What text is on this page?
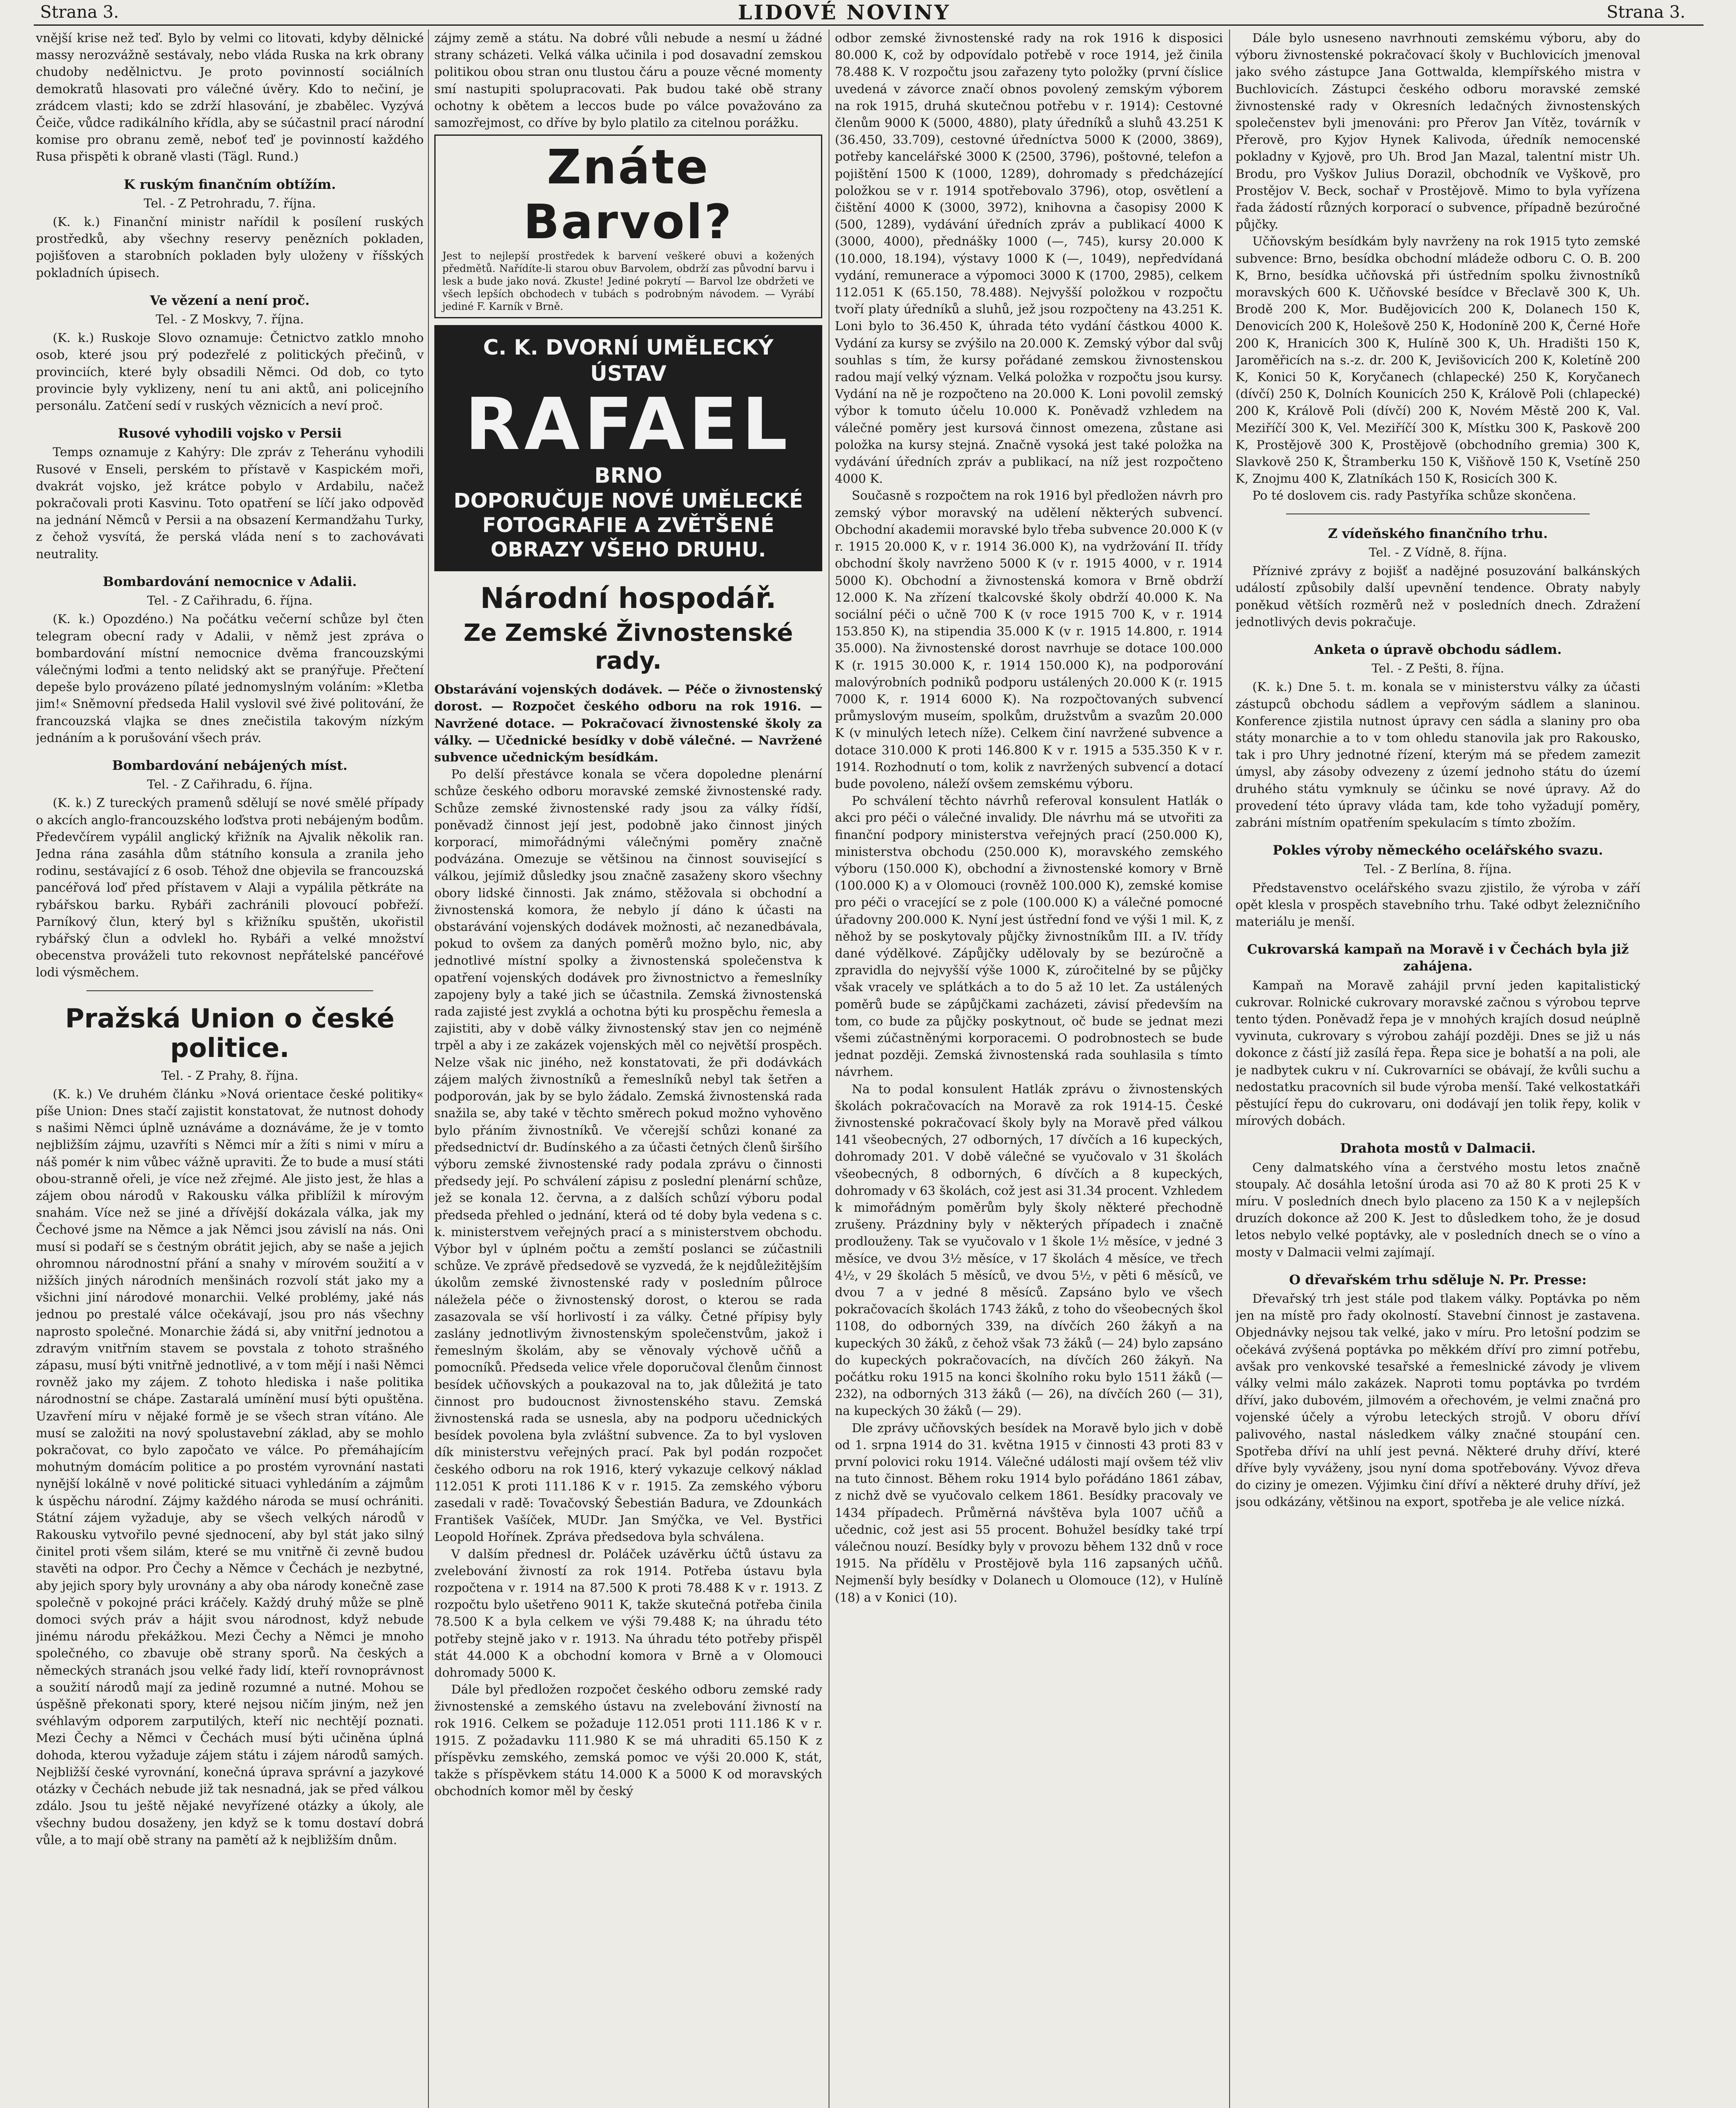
Strana 3.	LIDOVÉ NOVINY	Strana 3.

vnější krise než teď. Bylo by velmi co litovati, kdyby dělnické massy nerozvážně sestávaly, nebo vláda Ruska na krk obrany chudoby nedělnictvu. Je proto povinností sociálních demokratů hlasovati pro válečné úvěry. Kdo to nečiní, je zrádcem vlasti; kdo se zdrží hlasování, je zbabělec. Vyzývá Čeiče, vůdce radikálního křídla, aby se súčastnil prací národní komise pro obranu země, neboť teď je povinností každého Rusa přispěti k obraně vlasti (Tägl. Rund.)

K ruským finančním obtížím.
Tel. - Z Petrohradu, 7. října.

(K. k.) Finanční ministr nařídil k posílení ruských prostředků, aby všechny reservy penězních pokladen, pojišťoven a starobních pokladen byly uloženy v říšských pokladních úpisech.

Ve vězení a není proč.
Tel. - Z Moskvy, 7. října.

(K. k.) Ruskoje Slovo oznamuje: Četnictvo zatklo mnoho osob, které jsou prý podezřelé z politických přečinů, v provinciích, které byly obsadili Němci. Od dob, co tyto provincie byly vyklizeny, není tu ani aktů, ani policejního personálu. Zatčení sedí v ruských věznicích a neví proč.

Rusové vyhodili vojsko v Persii

Temps oznamuje z Kahýry: Dle zpráv z Teheránu vyhodili Rusové v Enseli, perském to přístavě v Kaspickém moři, dvakrát vojsko, jež krátce pobylo v Ardabilu, načež pokračovali proti Kasvinu. Toto opatření se líčí jako odpověď na jednání Němců v Persii a na obsazení Kermandžahu Turky, z čehož vysvítá, že perská vláda není s to zachovávati neutrality.

Bombardování nemocnice v Adalii.
Tel. - Z Cařihradu, 6. října.

(K. k.) Opozdéno.) Na počátku večerní schůze byl čten telegram obecní rady v Adalii, v němž jest zpráva o bombardování místní nemocnice dvěma francouzskými válečnými loďmi a tento nelidský akt se pranýřuje. Přečtení depeše bylo provázeno pílaté jednomyslným voláním: »Kletba jim!« Sněmovní předseda Halil vyslovil své živé politování, že francouzská vlajka se dnes znečistila takovým nízkým jednáním a k porušování všech práv.

Bombardování nebájených míst.
Tel. - Z Cařihradu, 6. října.

(K. k.) Z tureckých pramenů sdělují se nové smělé případy o akcích anglo-francouzského loďstva proti nebájeným bodům. Předevčírem vypálil anglický křižník na Ajvalik několik ran. Jedna rána zasáhla dům státního konsula a zranila jeho rodinu, sestávající z 6 osob. Téhož dne objevila se francouzská pancéřová loď před přístavem v Alaji a vypálila pětkráte na rybářskou barku. Rybáři zachránili plovoucí pobřeží. Parníkový člun, který byl s křižníku spuštěn, ukořistil rybářský člun a odvlekl ho. Rybáři a velké množství obecenstva prováželi tuto rekovnost nepřátelské pancéřové lodi výsměchem.

Pražská Union o české politice.
Tel. - Z Prahy, 8. října.

(K. k.) Ve druhém článku »Nová orientace české politiky« píše Union: Dnes stačí zajistit konstatovat, že nutnost dohody s našimi Němci úplně uznáváme a doznáváme, že je v tomto nejbližším zájmu, uzavříti s Němci mír a žíti s nimi v míru a náš pomér k nim vůbec vážně upraviti. Že to bude a musí státi obou-stranně ořeli, je více než zřejmé. Ale jisto jest, že hlas a zájem obou národů v Rakousku válka přiblížil k mírovým snahám. Více než se jiné a dřívější dokázala válka, jak my Čechové jsme na Němce a jak Němci jsou závislí na nás. Oni musí si podaří se s čestným obrátit jejich, aby se naše a jejich ohromnou národnostní přání a snahy v mírovém soužití a v nižších jiných národních menšinách rozvolí stát jako my a všichni jiní národové monarchii. Velké problémy, jaké nás jednou po prestalé válce očekávají, jsou pro nás všechny naprosto společné. Monarchie žádá si, aby vnitřní jednotou a zdravým vnitřním stavem se povstala z tohoto strašného zápasu, musí býti vnitřně jednotlivé, a v tom mějí i naši Němci rovněž jako my zájem. Z tohoto hlediska i naše politika národnostní se chápe. Zastaralá umínění musí býti opuštěna. Uzavření míru v nějaké formě je se všech stran vítáno. Ale musí se založiti na nový spolustavební základ, aby se mohlo pokračovat, co bylo započato ve válce. Po přemáhajícím mohutným domácím politice a po prostém vyrovnání nastati nynější lokálně v nové politické situaci vyhledáním a zájmům k úspěchu národní. Zájmy každého národa se musí ochrániti. Státní zájem vyžaduje, aby se všech velkých národů v Rakousku vytvořilo pevné sjednocení, aby byl stát jako silný činitel proti všem silám, které se mu vnitřně či zevně budou stavěti na odpor. Pro Čechy a Němce v Čechách je nezbytné, aby jejich spory byly urovnány a aby oba národy konečně zase společně v pokojné práci kráčely. Každý druhý může se plně domoci svých práv a hájit svou národnost, když nebude jinému národu překážkou. Mezi Čechy a Němci je mnoho společného, co zbavuje obě strany sporů. Na českých a německých stranách jsou velké řady lidí, kteří rovnoprávnost a soužití národů mají za jedině rozumné a nutné. Mohou se úspěšně překonati spory, které nejsou ničím jiným, než jen svéhlavým odporem zarputilých, kteří nic nechtějí poznati. Mezi Čechy a Němci v Čechách musí býti učiněna úplná dohoda, kterou vyžaduje zájem státu i zájem národů samých. Nejbližší české vyrovnání, konečná úprava správní a jazykové otázky v Čechách nebude již tak nesnadná, jak se před válkou zdálo. Jsou tu ještě nějaké nevyřízené otázky a úkoly, ale všechny budou dosaženy, jen když se k tomu dostaví dobrá vůle, a to mají obě strany na pamětí až k nejbližším dnům.

zájmy země a státu. Na dobré vůli nebude a nesmí u žádné strany scházeti. Velká válka učinila i pod dosavadní zemskou politikou obou stran onu tlustou čáru a pouze věcné momenty smí nastupiti spolupracovati. Pak budou také obě strany ochotny k obětem a leccos bude po válce považováno za samozřejmost, co dříve by bylo platilo za citelnou porážku.

Znáte Barvol?
Jest to nejlepší prostředek k barvení veškeré obuvi a kožených předmětů. Nařídíte-li starou obuv Barvolem, obdrží zas původní barvu i lesk a bude jako nová. Zkuste! Jediné pokrytí — Barvol lze obdržeti ve všech lepších obchodech v tubách s podrobným návodem. — Vyrábí jediné F. Karník v Brně.
C. K. DVORNÍ UMĚLECKÝ ÚSTAV
RAFAEL
BRNO
DOPORUČUJE NOVÉ UMĚLECKÉ FOTOGRAFIE A ZVĚTŠENÉ OBRAZY VŠEHO DRUHU.
Národní hospodář.
Ze Zemské Živnostenské rady.

Obstarávání vojenských dodávek. — Péče o živnostenský dorost. — Rozpočet českého odboru na rok 1916. — Navržené dotace. — Pokračovací živnostenské školy za války. — Učednické besídky v době válečné. — Navržené subvence učednickým besídkám.

Po delší přestávce konala se včera dopoledne plenární schůze českého odboru moravské zemské živnostenské rady. Schůze zemské živnostenské rady jsou za války řídší, poněvadž činnost její jest, podobně jako činnost jiných korporací, mimořádnými válečnými poměry značně podvázána. Omezuje se většinou na činnost související s válkou, jejímiž důsledky jsou značně zasaženy skoro všechny obory lidské činnosti. Jak známo, stěžovala si obchodní a živnostenská komora, že nebylo jí dáno k účasti na obstarávání vojenských dodávek možnosti, ač nezanedbávala, pokud to ovšem za daných poměrů možno bylo, nic, aby jednotlivé místní spolky a živnostenská společenstva k opatření vojenských dodávek pro živnostnictvo a řemeslníky zapojeny byly a také jich se účastnila. Zemská živnostenská rada zajisté jest zvyklá a ochotna býti ku prospěchu řemesla a zajistiti, aby v době války živnostenský stav jen co nejméně trpěl a aby i ze zakázek vojenských měl co největší prospěch. Nelze však nic jiného, než konstatovati, že při dodávkách zájem malých živnostníků a řemeslníků nebyl tak šetřen a podporován, jak by se bylo žádalo. Zemská živnostenská rada snažila se, aby také v těchto směrech pokud možno vyhověno bylo přáním živnostníků. Ve včerejší schůzi konané za předsednictví dr. Budínského a za účasti četných členů širšího výboru zemské živnostenské rady podala zprávu o činnosti předsedy její. Po schválení zápisu z poslední plenární schůze, jež se konala 12. června, a z dalších schůzí výboru podal předseda přehled o jednání, která od té doby byla vedena s c. k. ministerstvem veřejných prací a s ministerstvem obchodu. Výbor byl v úplném počtu a zemští poslanci se zúčastnili schůze. Ve zprávě předsedově se vyzvedá, že k nejdůležitějším úkolům zemské živnostenské rady v posledním půlroce náležela péče o živnostenský dorost, o kterou se rada zasazovala se vší horlivostí i za války. Četné přípisy byly zaslány jednotlivým živnostenským společenstvům, jakož i řemeslným školám, aby se věnovaly výchově učňů a pomocníků. Předseda velice vřele doporučoval členům činnost besídek učňovských a poukazoval na to, jak důležitá je tato činnost pro budoucnost živnostenského stavu. Zemská živnostenská rada se usnesla, aby na podporu učednických besídek povolena byla zvláštní subvence. Za to byl vysloven dík ministerstvu veřejných prací. Pak byl podán rozpočet českého odboru na rok 1916, který vykazuje celkový náklad 112.051 K proti 111.186 K v r. 1915. Za zemského výboru zasedali v radě: Tovačovský Šebestián Badura, ve Zdounkách František Vašíček, MUDr. Jan Smýčka, ve Vel. Bystřici Leopold Hořínek. Zpráva předsedova byla schválena.

V dalším přednesl dr. Poláček uzávěrku účtů ústavu za zvelebování živností za rok 1914. Potřeba ústavu byla rozpočtena v r. 1914 na 87.500 K proti 78.488 K v r. 1913. Z rozpočtu bylo ušetřeno 9011 K, takže skutečná potřeba činila 78.500 K a byla celkem ve výši 79.488 K; na úhradu této potřeby stejně jako v r. 1913. Na úhradu této potřeby přispěl stát 44.000 K a obchodní komora v Brně a v Olomouci dohromady 5000 K.

Dále byl předložen rozpočet českého odboru zemské rady živnostenské a zemského ústavu na zvelebování živností na rok 1916. Celkem se požaduje 112.051 proti 111.186 K v r. 1915. Z požadavku 111.980 K se má uhraditi 65.150 K z příspěvku zemského, zemská pomoc ve výši 20.000 K, stát, takže s příspěvkem státu 14.000 K a 5000 K od moravských obchodních komor měl by český

odbor zemské živnostenské rady na rok 1916 k disposici 80.000 K, což by odpovídalo potřebě v roce 1914, jež činila 78.488 K. V rozpočtu jsou zařazeny tyto položky (první číslice uvedená v závorce značí obnos povolený zemským výborem na rok 1915, druhá skutečnou potřebu v r. 1914): Cestovné členům 9000 K (5000, 4880), platy úředníků a sluhů 43.251 K (36.450, 33.709), cestovné úředníctva 5000 K (2000, 3869), potřeby kancelářské 3000 K (2500, 3796), poštovné, telefon a pojištění 1500 K (1000, 1289), dohromady s předcházející položkou se v r. 1914 spotřebovalo 3796), otop, osvětlení a čištění 4000 K (3000, 3972), knihovna a časopisy 2000 K (500, 1289), vydávání úředních zpráv a publikací 4000 K (3000, 4000), přednášky 1000 (—, 745), kursy 20.000 K (10.000, 18.194), výstavy 1000 K (—, 1049), nepředvídaná vydání, remunerace a výpomoci 3000 K (1700, 2985), celkem 112.051 K (65.150, 78.488). Nejvyšší položkou v rozpočtu tvoří platy úředníků a sluhů, jež jsou rozpočteny na 43.251 K. Loni bylo to 36.450 K, úhrada této vydání částkou 4000 K. Vydání za kursy se zvýšilo na 20.000 K. Zemský výbor dal svůj souhlas s tím, že kursy pořádané zemskou živnostenskou radou mají velký význam. Velká položka v rozpočtu jsou kursy. Vydání na ně je rozpočteno na 20.000 K. Loni povolil zemský výbor k tomuto účelu 10.000 K. Poněvadž vzhledem na válečné poměry jest kursová činnost omezena, zůstane asi položka na kursy stejná. Značně vysoká jest také položka na vydávání úředních zpráv a publikací, na níž jest rozpočteno 4000 K.

Současně s rozpočtem na rok 1916 byl předložen návrh pro zemský výbor moravský na udělení některých subvencí. Obchodní akademii moravské bylo třeba subvence 20.000 K (v r. 1915 20.000 K, v r. 1914 36.000 K), na vydržování II. třídy obchodní školy navrženo 5000 K (v r. 1915 4000, v r. 1914 5000 K). Obchodní a živnostenská komora v Brně obdrží 12.000 K. Na zřízení tkalcovské školy obdrží 40.000 K. Na sociální péči o učně 700 K (v roce 1915 700 K, v r. 1914 153.850 K), na stipendia 35.000 K (v r. 1915 14.800, r. 1914 35.000). Na živnostenské dorost navrhuje se dotace 100.000 K (r. 1915 30.000 K, r. 1914 150.000 K), na podporování malovýrobních podniků podporu ustálených 20.000 K (r. 1915 7000 K, r. 1914 6000 K). Na rozpočtovaných subvencí průmyslovým museím, spolkům, družstvům a svazům 20.000 K (v minulých letech níže). Celkem činí navržené subvence a dotace 310.000 K proti 146.800 K v r. 1915 a 535.350 K v r. 1914. Rozhodnutí o tom, kolik z navržených subvencí a dotací bude povoleno, náleží ovšem zemskému výboru.

Po schválení těchto návrhů referoval konsulent Hatlák o akci pro péči o válečné invalidy. Dle návrhu má se utvořiti za finanční podpory ministerstva veřejných prací (250.000 K), ministerstva obchodu (250.000 K), moravského zemského výboru (150.000 K), obchodní a živnostenské komory v Brně (100.000 K) a v Olomouci (rovněž 100.000 K), zemské komise pro péči o vracející se z pole (100.000 K) a válečné pomocné úřadovny 200.000 K. Nyní jest ústřední fond ve výši 1 mil. K, z něhož by se poskytovaly půjčky živnostníkům III. a IV. třídy dané výdělkové. Zápůjčky udělovaly by se bezúročně a zpravidla do nejvyšší výše 1000 K, zúročitelné by se půjčky však vracely ve splátkách a to do 5 až 10 let. Za ustálených poměrů bude se zápůjčkami zacházeti, závisí především na tom, co bude za půjčky poskytnout, oč bude se jednat mezi všemi zúčastněnými korporacemi. O podrobnostech se bude jednat později. Zemská živnostenská rada souhlasila s tímto návrhem.

Na to podal konsulent Hatlák zprávu o živnostenských školách pokračovacích na Moravě za rok 1914-15. České živnostenské pokračovací školy byly na Moravě před válkou 141 všeobecných, 27 odborných, 17 dívčích a 16 kupeckých, dohromady 201. V době válečné se vyučovalo v 31 školách všeobecných, 8 odborných, 6 dívčích a 8 kupeckých, dohromady v 63 školách, což jest asi 31.34 procent. Vzhledem k mimořádným poměrům byly školy některé přechodně zrušeny. Prázdniny byly v některých případech i značně prodlouženy. Tak se vyučovalo v 1 škole 1½ měsíce, v jedné 3 měsíce, ve dvou 3½ měsíce, v 17 školách 4 měsíce, ve třech 4½, v 29 školách 5 měsíců, ve dvou 5½, v pěti 6 měsíců, ve dvou 7 a v jedné 8 měsíců. Zapsáno bylo ve všech pokračovacích školách 1743 žáků, z toho do všeobecných škol 1108, do odborných 339, na dívčích 260 žákyň a na kupeckých 30 žáků, z čehož však 73 žáků (— 24) bylo zapsáno do kupeckých pokračovacích, na dívčích 260 žákyň. Na počátku roku 1915 na konci školního roku bylo 1511 žáků (— 232), na odborných 313 žáků (— 26), na dívčích 260 (— 31), na kupeckých 30 žáků (— 29).

Dle zprávy učňovských besídek na Moravě bylo jich v době od 1. srpna 1914 do 31. května 1915 v činnosti 43 proti 83 v první polovici roku 1914. Válečné události mají ovšem též vliv na tuto činnost. Během roku 1914 bylo pořádáno 1861 zábav, z nichž dvě se vyučovalo celkem 1861. Besídky pracovaly ve 1434 případech. Průměrná návštěva byla 1007 učňů a učednic, což jest asi 55 procent. Bohužel besídky také trpí válečnou nouzí. Besídky byly v provozu během 132 dnů v roce 1915. Na přídělu v Prostějově byla 116 zapsaných učňů. Nejmenší byly besídky v Dolanech u Olomouce (12), v Hulíně (18) a v Konici (10).

Dále bylo usneseno navrhnouti zemskému výboru, aby do výboru živnostenské pokračovací školy v Buchlovicích jmenoval jako svého zástupce Jana Gottwalda, klempířského mistra v Buchlovicích. Zástupci českého odboru moravské zemské živnostenské rady v Okresních ledačných živnostenských společenstev byli jmenováni: pro Přerov Jan Vítěz, továrník v Přerově, pro Kyjov Hynek Kalivoda, úředník nemocenské pokladny v Kyjově, pro Uh. Brod Jan Mazal, talentní mistr Uh. Brodu, pro Vyškov Julius Dorazil, obchodník ve Vyškově, pro Prostějov V. Beck, sochař v Prostějově. Mimo to byla vyřízena řada žádostí různých korporací o subvence, případně bezúročné půjčky.

Učňovským besídkám byly navrženy na rok 1915 tyto zemské subvence: Brno, besídka obchodní mládeže odboru C. O. B. 200 K, Brno, besídka učňovská při ústředním spolku živnostníků moravských 600 K. Učňovské besídce v Břeclavě 300 K, Uh. Brodě 200 K, Mor. Budějovicích 200 K, Dolanech 150 K, Denovicích 200 K, Holešově 250 K, Hodoníně 200 K, Černé Hoře 200 K, Hranicích 300 K, Hulíně 300 K, Uh. Hradišti 150 K, Jaroměřicích na s.-z. dr. 200 K, Jevišovicích 200 K, Koletíně 200 K, Konici 50 K, Koryčanech (chlapecké) 250 K, Koryčanech (dívčí) 250 K, Dolních Kounicích 250 K, Králově Poli (chlapecké) 200 K, Králově Poli (dívčí) 200 K, Novém Městě 200 K, Val. Meziříčí 300 K, Vel. Meziříčí 300 K, Místku 300 K, Paskově 200 K, Prostějově 300 K, Prostějově (obchodního gremia) 300 K, Slavkově 250 K, Štramberku 150 K, Višňově 150 K, Vsetíně 250 K, Znojmu 400 K, Zlatníkách 150 K, Rosicích 300 K.

Po té doslovem cis. rady Pastyříka schůze skončena.

Z vídeňského finančního trhu.
Tel. - Z Vídně, 8. října.

Příznivé zprávy z bojišť a nadějné posuzování balkánských událostí způsobily další upevnění tendence. Obraty nabyly poněkud větších rozměrů než v posledních dnech. Zdražení jednotlivých devis pokračuje.

Anketa o úpravě obchodu sádlem.
Tel. - Z Pešti, 8. října.

(K. k.) Dne 5. t. m. konala se v ministerstvu války za účasti zástupců obchodu sádlem a vepřovým sádlem a slaninou. Konference zjistila nutnost úpravy cen sádla a slaniny pro oba státy monarchie a to v tom ohledu stanovila jak pro Rakousko, tak i pro Uhry jednotné řízení, kterým má se předem zamezit úmysl, aby zásoby odvezeny z území jednoho státu do území druhého státu vymknuly se účinku se nové úpravy. Až do provedení této úpravy vláda tam, kde toho vyžadují poměry, zabráni místním opatřením spekulacím s tímto zbožím.

Pokles výroby německého ocelářského svazu.
Tel. - Z Berlína, 8. října.

Představenstvo ocelářského svazu zjistilo, že výroba v září opět klesla v prospěch stavebního trhu. Také odbyt železničního materiálu je menší.

Cukrovarská kampaň na Moravě i v Čechách byla již zahájena.

Kampaň na Moravě zahájil první jeden kapitalistický cukrovar. Rolnické cukrovary moravské začnou s výrobou teprve tento týden. Poněvadž řepa je v mnohých krajích dosud neúplně vyvinuta, cukrovary s výrobou zahájí později. Dnes se již u nás dokonce z částí již zasílá řepa. Řepa sice je bohatší a na poli, ale je nadbytek cukru v ní. Cukrovarníci se obávají, že kvůli suchu a nedostatku pracovních sil bude výroba menší. Také velkostatkáři pěstující řepu do cukrovaru, oni dodávají jen tolik řepy, kolik v mírových dobách.

Drahota mostů v Dalmacii.

Ceny dalmatského vína a čerstvého mostu letos značně stoupaly. Ač dosáhla letošní úroda asi 70 až 80 K proti 25 K v míru. V posledních dnech bylo placeno za 150 K a v nejlepších druzích dokonce až 200 K. Jest to důsledkem toho, že je dosud letos nebylo velké poptávky, ale v posledních dnech se o víno a mosty v Dalmacii velmi zajímají.

O dřevařském trhu sděluje N. Pr. Presse:

Dřevařský trh jest stále pod tlakem války. Poptávka po něm jen na místě pro řady okolností. Stavební činnost je zastavena. Objednávky nejsou tak velké, jako v míru. Pro letošní podzim se očekává zvýšená poptávka po měkkém dříví pro zimní potřebu, avšak pro venkovské tesařské a řemeslnické závody je vlivem války velmi málo zakázek. Naproti tomu poptávka po tvrdém dříví, jako dubovém, jilmovém a ořechovém, je velmi značná pro vojenské účely a výrobu leteckých strojů. V oboru dříví palivového, nastal následkem války značné stoupání cen. Spotřeba dříví na uhlí jest pevná. Některé druhy dříví, které dříve byly vyváženy, jsou nyní doma spotřebovány. Vývoz dřeva do ciziny je omezen. Výjimku činí dříví a některé druhy dříví, jež jsou odkázány, většinou na export, spotřeba je ale velice nízká.
